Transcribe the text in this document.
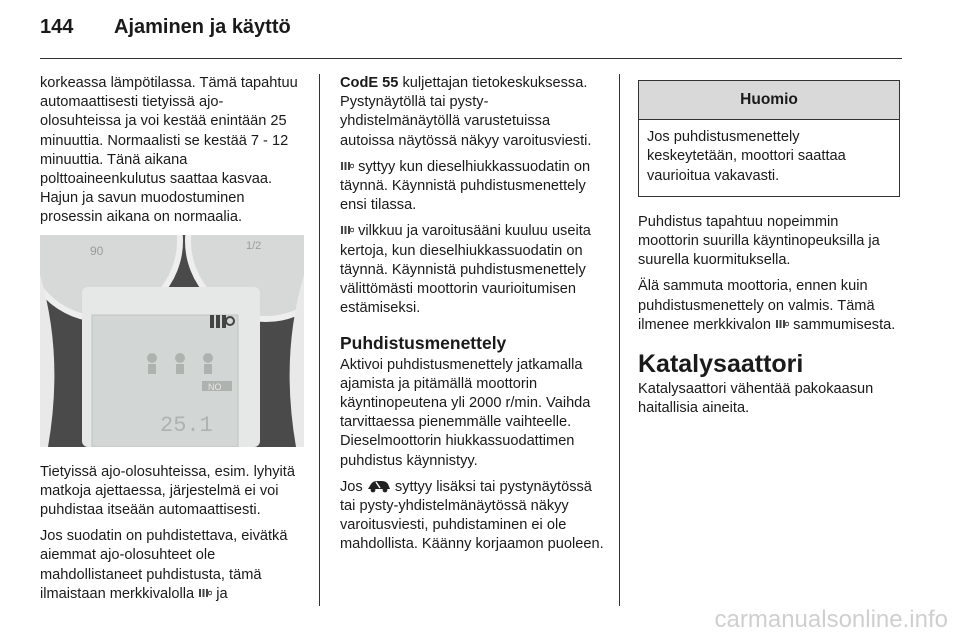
144 Ajaminen ja käyttö

korkeassa lämpötilassa. Tämä tapahtuu automaattisesti tietyissä ajo-olosuhteissa ja voi kestää enintään 25 minuuttia. Normaalisti se kestää 7 - 12 minuuttia. Tänä aikana polttoaineenkulutus saattaa kasvaa. Hajun ja savun muodostuminen prosessin aikana on normaalia.

90	1/2
NO
25.1

Tietyissä ajo-olosuhteissa, esim. lyhyitä matkoja ajettaessa, järjestelmä ei voi puhdistaa itseään automaattisesti.

Jos suodatin on puhdistettava, eivätkä aiemmat ajo-olosuhteet ole mahdollistaneet puhdistusta, tämä ilmaistaan merkkivalolla ja

CodE 55 kuljettajan tietokeskuksessa. Pystynäytöllä tai pysty-yhdistelmänäytöllä varustetuissa autoissa näytössä näkyy varoitusviesti.

syttyy kun dieselhiukkassuodatin on täynnä. Käynnistä puhdistusmenettely ensi tilassa.

vilkkuu ja varoitusääni kuuluu useita kertoja, kun dieselhiukkassuodatin on täynnä. Käynnistä puhdistusmenettely välittömästi moottorin vaurioitumisen estämiseksi.

Puhdistusmenettely

Aktivoi puhdistusmenettely jatkamalla ajamista ja pitämällä moottorin käyntinopeutena yli 2000 r/min. Vaihda tarvittaessa pienemmälle vaihteelle. Dieselmoottorin hiukkassuodattimen puhdistus käynnistyy.

Jos syttyy lisäksi tai pystynäytössä tai pysty-yhdistelmänäytössä näkyy varoitusviesti, puhdistaminen ei ole mahdollista. Käänny korjaamon puoleen.

Huomio
Jos puhdistusmenettely keskeytetään, moottori saattaa vaurioitua vakavasti.

Puhdistus tapahtuu nopeimmin moottorin suurilla käyntinopeuksilla ja suurella kuormituksella.

Älä sammuta moottoria, ennen kuin puhdistusmenettely on valmis. Tämä ilmenee merkkivalon sammumisesta.

Katalysaattori

Katalysaattori vähentää pakokaasun haitallisia aineita.

carmanualsonline.info
